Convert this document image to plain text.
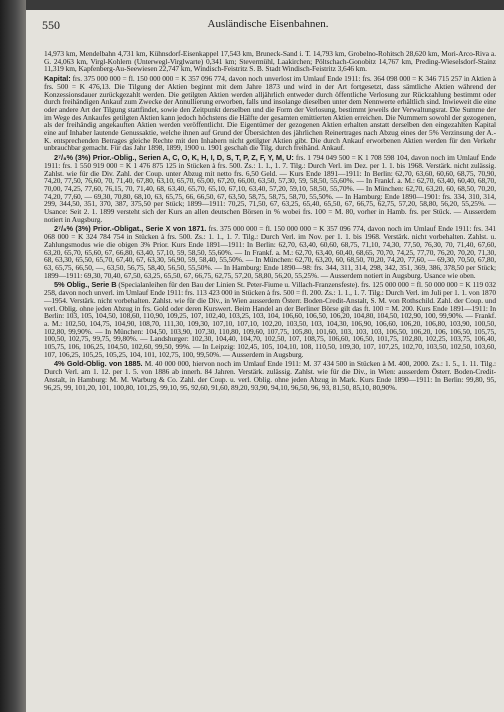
Ausländische Eisenbahnen.
550

14,973 km, Mendelbahn 4,731 km, Kühnsdorf-Eisenkappel 17,543 km, Bruneck-Sand i. T. 14,793 km, Grobelno-Rohitsch 28,620 km, Mori-Arco-Riva a. G. 24,063 km, Virgl-Kohlern (Unterwegl-Virglwarte) 0,341 km; Stevermühl, Laakirchen; Pöltschach-Gonobitz 14,767 km, Preding-Wieselsdorf-Stainz 11,319 km, Kapfenberg-Au-Seewiesen 22,747 km, Windisch-Feistritz S. B. Stadt Windisch-Feistritz 3,646 km.

Kapital: frs. 375 000 000 = fl. 150 000 000 = K 357 096 774, davon noch unverlost im Umlauf Ende 1911: frs. 364 098 000 = K 346 715 257 in Aktien à frs. 500 = K 476,13. Die Tilgung der Aktien beginnt mit dem Jahre 1873 und wird in der Art fortgesetzt, dass sämtliche Aktien während der Konzessionsdauer zurückgezahlt werden. Die getilgten Aktien werden alljährlich entweder durch öffentliche Verlosung zur Rückzahlung bestimmt oder durch freihändigen Ankauf zum Zwecke der Annullierung erworben, falls und insolange dieselben unter dem Nennwerte erhältlich sind. Inwieweit die eine oder andere Art der Tilgung stattfindet, sowie den Zeitpunkt derselben und die Form der Verlosung, bestimmt jeweils der Verwaltungsrat. Die Summe der im Wege des Ankaufes getilgten Aktien kann jedoch höchstens die Hälfte der gesamten emittierten Aktien erreichen. Die Nummern sowohl der gezogenen, als der freihändig angekauften Aktien werden veröffentlicht. Die Eigentümer der gezogenen Aktien erhalten anstatt derselben den eingezahlten Kapital eine auf Inhaber lautende Genussaktie, welche ihnen auf Grund der Übersichten des jährlichen Reinertrages nach Abzug eines der 5% Verzinsung der A.-K. entsprechenden Betrages gleiche Rechte mit den Inhabern nicht getilgter Aktien gibt. Die durch Ankauf erworbenen Aktien werden für den Verkehr unbrauchbar gemacht. Für das Jahr 1898, 1899, 1900 u. 1901 geschah die Tilg. durch freihänd. Ankauf.

2⁷/₈% (3%) Prior.-Oblig., Serien A, C, O, K, H, I, D, S, T, P, Z, F, Y, M, U: frs. 1 794 049 500 = K 1 708 598 104, davon noch im Umlauf Ende 1911: frs. 1 550 919 000 = K 1 476 875 125 in Stücken à frs. 500. Zs.: 1. 1., 1. 7. Tilg.: Durch Verl. im Dez. per 1. 1. bis 1968. Verstärk. nicht zulässig. Zahlst. wie für die Div. Zahl. der Coup. unter Abzug mit netto frs. 6,50 Geld. — Kurs Ende 1891—1911: In Berlin: 62,70, 63,60, 60,60, 68,75, 70,90, 74,20, 77,50, 76,60, 70, 71,40, 67,80, 63,10, 65,70, 65,00, 67,20, 66,00, 63,50, 57,30, 59, 58,50, 55,60%. — In Frankf. a. M.: 62,70, 63,40, 60,40, 68,70, 70,00, 74,25, 77,60, 76,15, 70, 71,40, 68, 63,40, 65,70, 65,10, 67,10, 63,40, 57,20, 59,10, 58,50, 55,70%. — In München: 62,70, 63,20, 60, 68,50, 70,20, 74,20, 77,60, — 69,30, 70,80, 68,10, 63, 65,75, 66, 66,50, 67, 63,50, 58,75, 58,75, 58,70, 55,50%. — In Hamburg: Ende 1890—1901: frs. 334, 310, 314, 299, 344,50, 351, 370, 387, 375,50 per Stück; 1899—1911: 70,25, 71,50, 67, 63,25, 65,40, 65,50, 67, 66,75, 62,75, 57,20, 58,80, 56,20, 55,25%. — Usance: Seit 2. 1. 1899 versteht sich der Kurs an allen deutschen Börsen in % wobei frs. 100 = M. 80, vorher in Hamb. frs. per Stück. — Ausserdem notiert in Augsburg.

2⁷/₈% (3%) Prior.-Obligat., Serie X von 1871. frs. 375 000 000 = fl. 150 000 000 = K 357 096 774, davon noch im Umlauf Ende 1911: frs. 341 068 000 = K 324 784 754 in Stücken à frs. 500. Zs.: 1. 1., 1. 7. Tilg.: Durch Verl. im Nov. per 1. 1. bis 1968. Verstärk. nicht vorbehalten. Zahlst. u. Zahlungsmodus wie die obigen 3% Prior. Kurs Ende 1891—1911: In Berlin: 62,70, 63,40, 60,60, 68,75, 71,10, 74,30, 77,50, 76,30, 70, 71,40, 67,60, 63,20, 65,70, 65,60, 67, 66,80, 63,40, 57,10, 59, 58,50, 55,60%. — In Frankf. a. M.: 62,70, 63,40, 60,40, 68,65, 70,70, 74,25, 77,70, 76,20, 70,20, 71,30, 68, 63,30, 65,50, 65,70, 67,40, 67, 63,30, 56,90, 59, 58,40, 55,50%. — In München: 62,70, 63,20, 60, 68,50, 70,20, 74,20, 77,60, — 69,30, 70,50, 67,80, 63, 65,75, 66,50, —, 63,50, 56,75, 58,40, 56,50, 55,50%. — In Hamburg: Ende 1890—98: frs. 344, 311, 314, 298, 342, 351, 369, 386, 378,50 per Stück; 1899—1911: 69,30, 70,40, 67,50, 63,25, 65,50, 67, 66,75, 62,75, 57,20, 58,80, 56,20, 55,25%. — Ausserdem notiert in Augsburg. Usance wie oben.

5% Oblig., Serie B (Specialanleihen für den Bau der Linien St. Peter-Fiume u. Villach-Franzensfeste). frs. 125 000 000 = fl. 50 000 000 = K 119 032 258, davon noch unverl. im Umlauf Ende 1911: frs. 113 423 000 in Stücken à frs. 500 = fl. 200. Zs.: 1. 1., 1. 7. Tilg.: Durch Verl. im Juli per 1. 1. von 1870—1954. Verstärk. nicht vorbehalten. Zahlst. wie für die Div., in Wien ausserdem Österr. Boden-Credit-Anstalt, S. M. von Rothschild. Zahl. der Coup. und verl. Oblig. ohne jeden Abzug in frs. Gold oder deren Kurswert. Beim Handel an der Berliner Börse gilt das ft. 100 = M. 200. Kurs Ende 1891—1911: In Berlin: 103, 105, 104,50, 108,60, 110,90, 109,25, 107, 102,40, 103,25, 103, 104, 106,60, 106,50, 106,20, 104,80, 104,50, 102,90, 100, 99,90%. — Frankf. a. M.: 102,50, 104,75, 104,90, 108,70, 111,30, 109,30, 107,10, 107,10, 102,20, 103,50, 103, 104,30, 106,90, 106,60, 106,20, 106,80, 103,90, 100,50, 102,80, 99,90%. — In München: 104,50, 103,90, 107,30, 110,80, 109,60, 107,75, 105,80, 101,60, 103, 103, 103, 106,50, 106,20, 106, 106,50, 105,75, 100,50, 102,75, 99,75, 99,80%. — Landshurger: 102,30, 104,40, 104,70, 102,50, 107, 108,75, 106,60, 106,50, 101,75, 102,80, 102,25, 103,75, 106,40, 105,75, 106, 106,25, 104,50, 102,60, 99,50, 99%. — In Leipzig: 102,45, 105, 104,10, 108, 110,50, 109,30, 107, 107,25, 102,70, 103,50, 102,50, 103,60, 107, 106,25, 105,25, 105,25, 104, 101, 102,75, 100, 99,50%. — Ausserdem in Augsburg.

4% Gold-Oblig. von 1885. M. 40 000 000, hiervon noch im Umlauf Ende 1911: M. 37 434 500 in Stücken à M. 400, 2000. Zs.: 1. 5., 1. 11. Tilg.: Durch Verl. am 1. 12. per 1. 5. von 1886 ab innerh. 84 Jahren. Verstärk. zulässig. Zahlst. wie für die Div., in Wien: ausserdem Österr. Boden-Credit-Anstalt, in Hamburg: M. M. Warburg & Co. Zahl. der Coup. u. verl. Oblig. ohne jeden Abzug in Mark. Kurs Ende 1890—1911: In Berlin: 99,80, 95, 96,25, 99, 101,20, 101, 100,80, 101,25, 99,10, 95, 92,60, 91,60, 89,20, 93,90, 94,10, 96,50, 96, 93, 81,50, 85,10, 80,90%.
